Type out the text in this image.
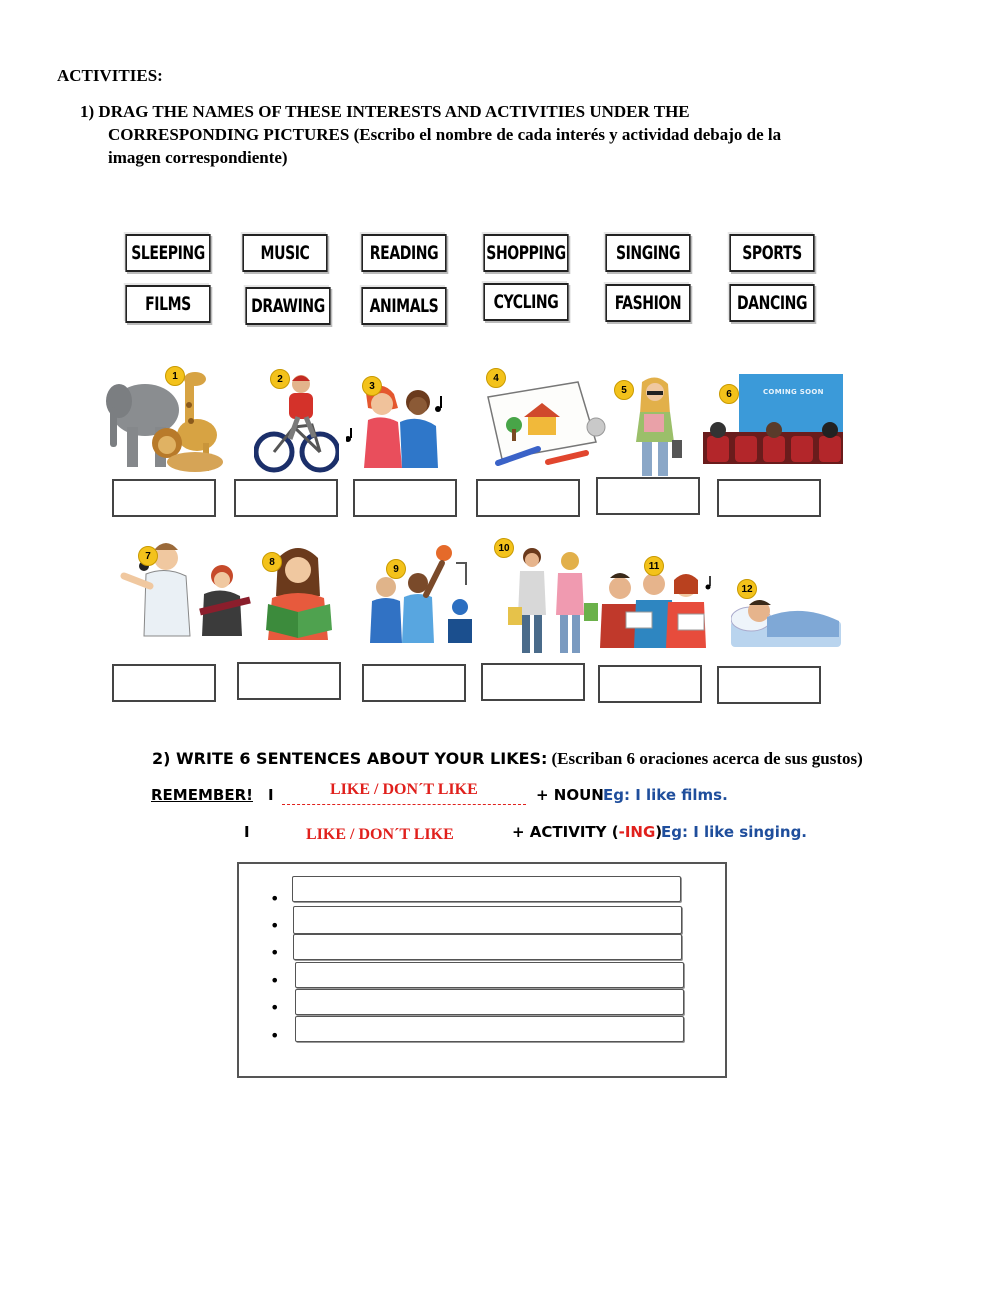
ACTIVITIES:
1) DRAG THE NAMES OF THESE INTERESTS AND ACTIVITIES UNDER THE
CORRESPONDING PICTURES (Escribo el nombre de cada interés y actividad debajo de la
imagen correspondiente)
SLEEPING	MUSIC	READING	SHOPPING	SINGING	SPORTS
FILMS	DRAWING	ANIMALS	CYCLING	FASHION	DANCING
1	2
3
4
5	COMING SOON
6
7
8
9
10
11
12
2) WRITE 6 SENTENCES ABOUT YOUR LIKES: (Escriban 6 oraciones acerca de sus gustos)
REMEMBER! I	LIKE / DON´T LIKE	+ NOUN Eg: I like films.
I	LIKE / DON´T LIKE	+ ACTIVITY (-ING)
Eg: I like singing.
•
•
•
•
•
•
